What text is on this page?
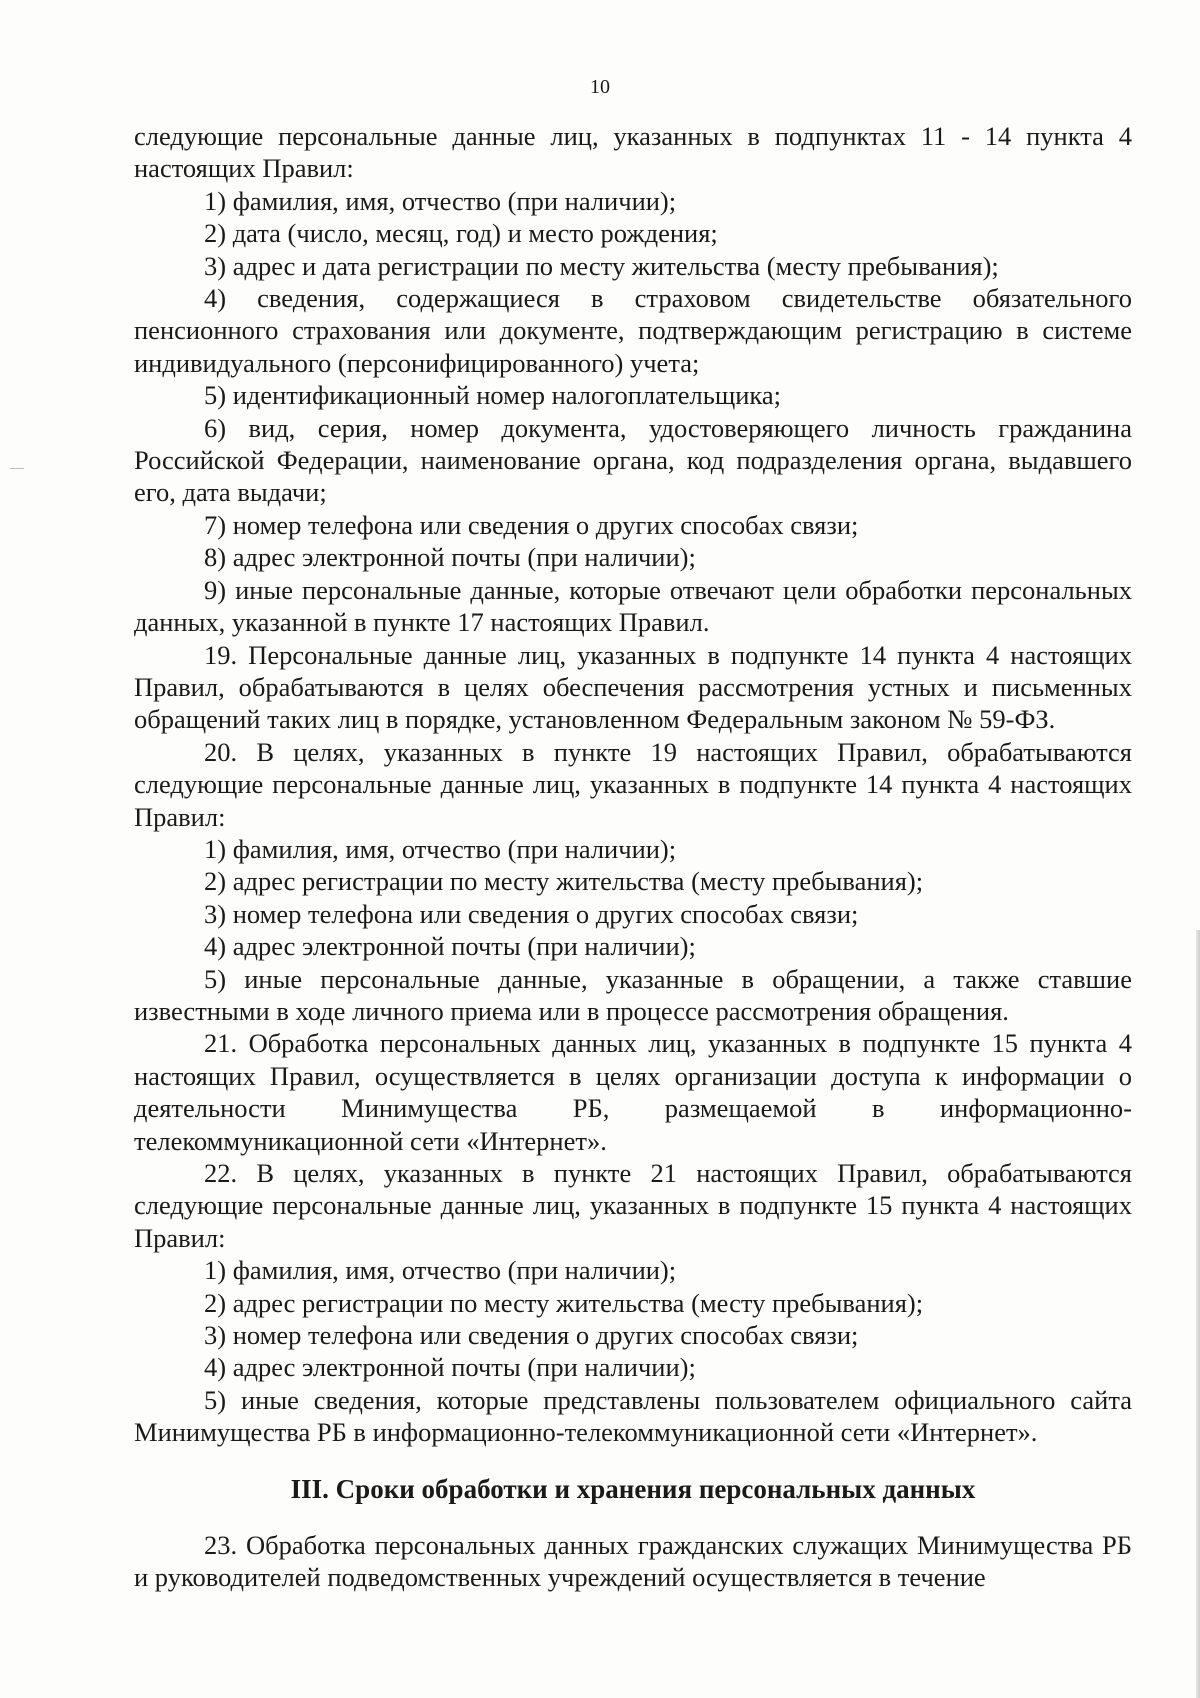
10

следующие персональные данные лиц, указанных в подпунктах 11 - 14 пункта 4 настоящих Правил:

1) фамилия, имя, отчество (при наличии);

2) дата (число, месяц, год) и место рождения;

3) адрес и дата регистрации по месту жительства (месту пребывания);

4) сведения, содержащиеся в страховом свидетельстве обязательного пенсионного страхования или документе, подтверждающим регистрацию в системе индивидуального (персонифицированного) учета;

5) идентификационный номер налогоплательщика;

6) вид, серия, номер документа, удостоверяющего личность гражданина Российской Федерации, наименование органа, код подразделения органа, выдавшего его, дата выдачи;

7) номер телефона или сведения о других способах связи;

8) адрес электронной почты (при наличии);

9) иные персональные данные, которые отвечают цели обработки персональных данных, указанной в пункте 17 настоящих Правил.

19. Персональные данные лиц, указанных в подпункте 14 пункта 4 настоящих Правил, обрабатываются в целях обеспечения рассмотрения устных и письменных обращений таких лиц в порядке, установленном Федеральным законом № 59-ФЗ.

20. В целях, указанных в пункте 19 настоящих Правил, обрабатываются следующие персональные данные лиц, указанных в подпункте 14 пункта 4 настоящих Правил:

1) фамилия, имя, отчество (при наличии);

2) адрес регистрации по месту жительства (месту пребывания);

3) номер телефона или сведения о других способах связи;

4) адрес электронной почты (при наличии);

5) иные персональные данные, указанные в обращении, а также ставшие известными в ходе личного приема или в процессе рассмотрения обращения.

21. Обработка персональных данных лиц, указанных в подпункте 15 пункта 4 настоящих Правил, осуществляется в целях организации доступа к информации о деятельности Минимущества РБ, размещаемой в информационно-телекоммуникационной сети «Интернет».

22. В целях, указанных в пункте 21 настоящих Правил, обрабатываются следующие персональные данные лиц, указанных в подпункте 15 пункта 4 настоящих Правил:

1) фамилия, имя, отчество (при наличии);

2) адрес регистрации по месту жительства (месту пребывания);

3) номер телефона или сведения о других способах связи;

4) адрес электронной почты (при наличии);

5) иные сведения, которые представлены пользователем официального сайта Минимущества РБ в информационно-телекоммуникационной сети «Интернет».

III. Сроки обработки и хранения персональных данных

23. Обработка персональных данных гражданских служащих Минимущества РБ и руководителей подведомственных учреждений осуществляется в течение
